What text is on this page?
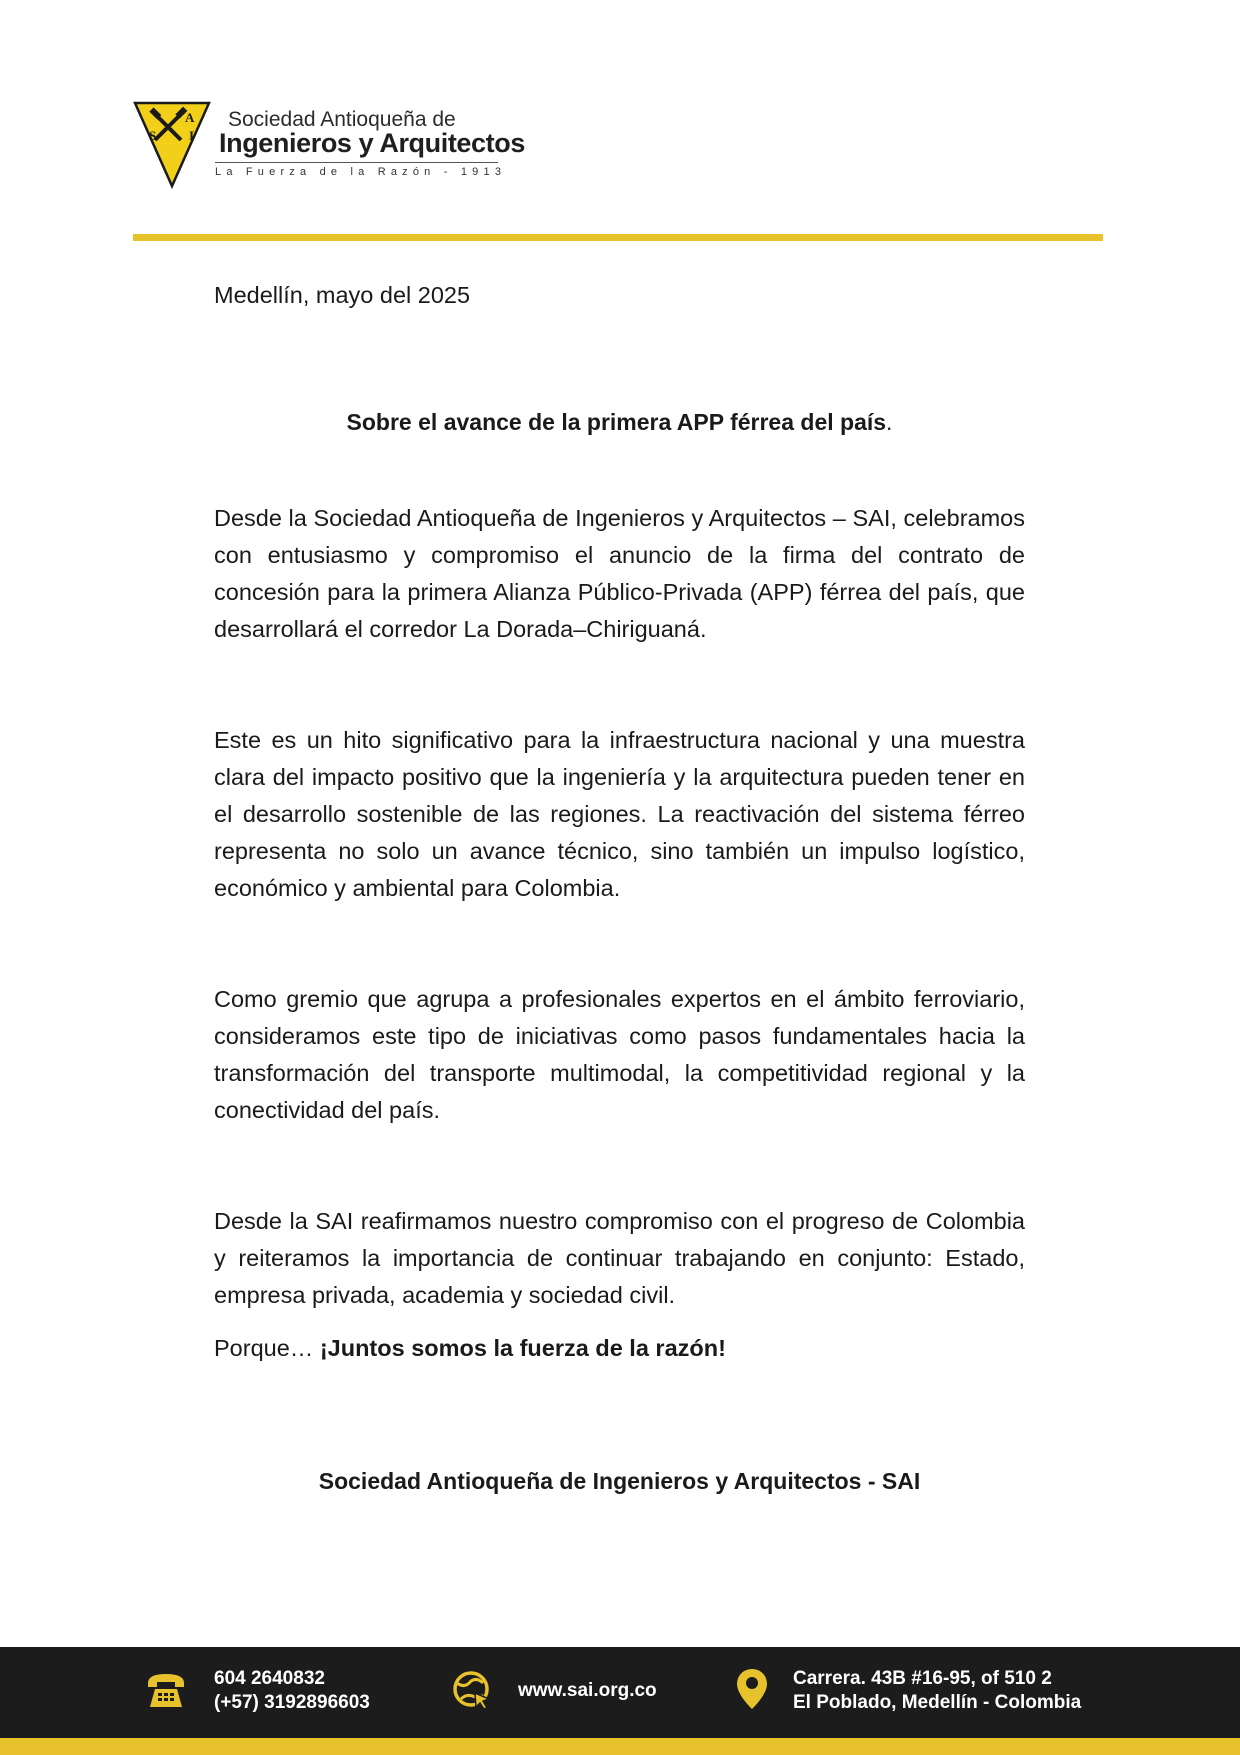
A
S	I
Sociedad Antioqueña de
Ingenieros y Arquitectos
La Fuerza de la Razón - 1913
Medellín, mayo del 2025
Sobre el avance de la primera APP férrea del país.

Desde la Sociedad Antioqueña de Ingenieros y Arquitectos – SAI, celebramos con entusiasmo y compromiso el anuncio de la firma del contrato de concesión para la primera Alianza Público-Privada (APP) férrea del país, que desarrollará el corredor La Dorada–Chiriguaná.

Este es un hito significativo para la infraestructura nacional y una muestra clara del impacto positivo que la ingeniería y la arquitectura pueden tener en el desarrollo sostenible de las regiones. La reactivación del sistema férreo representa no solo un avance técnico, sino también un impulso logístico, económico y ambiental para Colombia.

Como gremio que agrupa a profesionales expertos en el ámbito ferroviario, consideramos este tipo de iniciativas como pasos fundamentales hacia la transformación del transporte multimodal, la competitividad regional y la conectividad del país.

Desde la SAI reafirmamos nuestro compromiso con el progreso de Colombia y reiteramos la importancia de continuar trabajando en conjunto: Estado, empresa privada, academia y sociedad civil.

Porque… ¡Juntos somos la fuerza de la razón!
Sociedad Antioqueña de Ingenieros y Arquitectos - SAI
604 2640832
(+57) 3192896603
www.sai.org.co
Carrera. 43B #16-95, of 510 2
El Poblado, Medellín - Colombia
